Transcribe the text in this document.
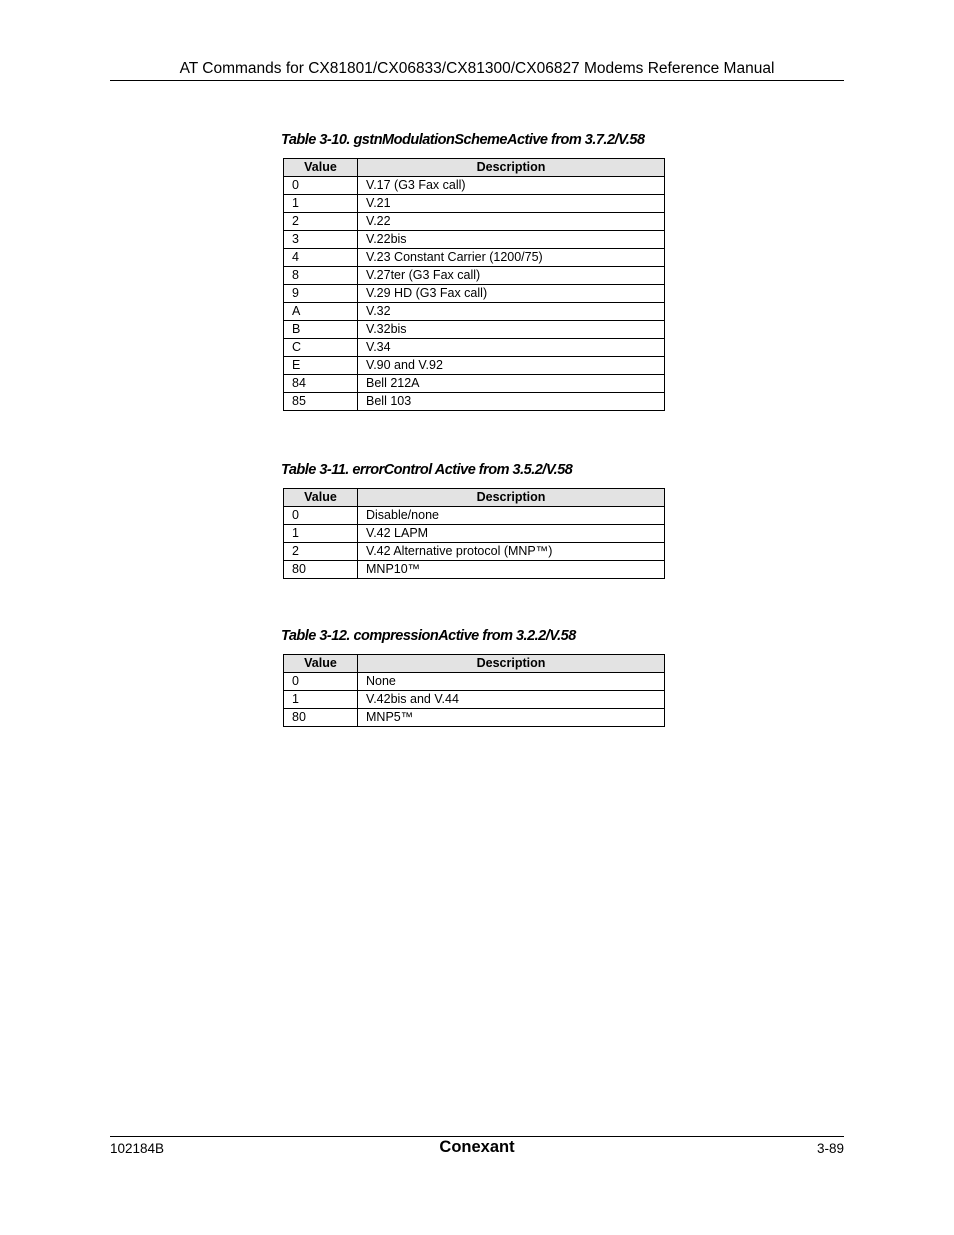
AT Commands for CX81801/CX06833/CX81300/CX06827 Modems Reference Manual
Table 3-10. gstnModulationSchemeActive from 3.7.2/V.58
Value	Description
0	V.17 (G3 Fax call)
1	V.21
2	V.22
3	V.22bis
4	V.23 Constant Carrier (1200/75)
8	V.27ter (G3 Fax call)
9	V.29 HD (G3 Fax call)
A	V.32
B	V.32bis
C	V.34
E	V.90 and V.92
84	Bell 212A
85	Bell 103
Table 3-11. errorControl Active from 3.5.2/V.58
Value	Description
0	Disable/none
1	V.42 LAPM
2	V.42 Alternative protocol (MNP™)
80	MNP10™
Table 3-12. compressionActive from 3.2.2/V.58
Value	Description
0	None
1	V.42bis and V.44
80	MNP5™
102184B	Conexant	3-89
